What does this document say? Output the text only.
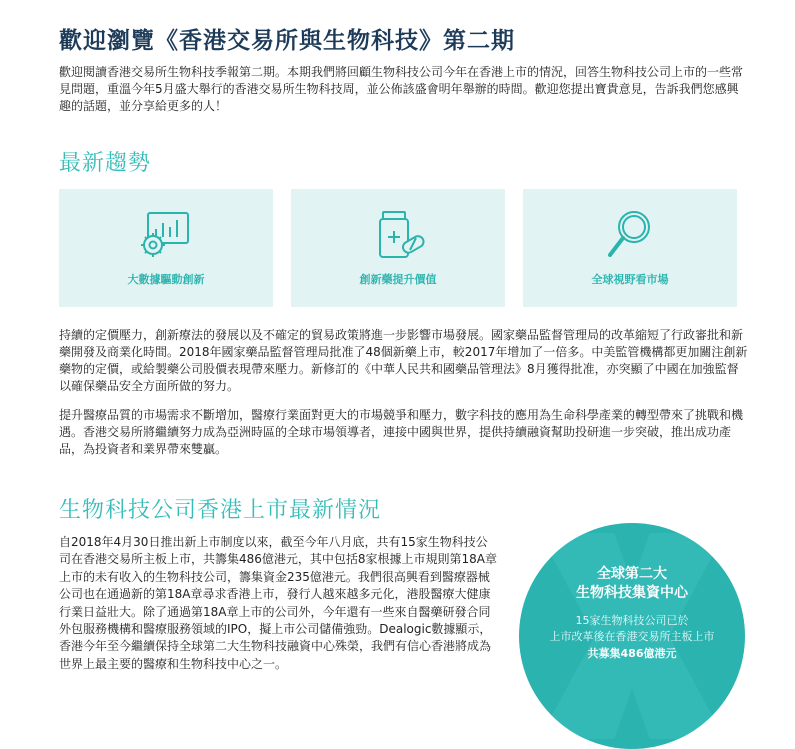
歡迎瀏覽《香港交易所與生物科技》第二期
歡迎閱讀香港交易所生物科技季報第二期。本期我們將回顧生物科技公司今年在香港上市的情況，回答生物科技公司上市的一些常見問題，重溫今年5月盛大舉行的香港交易所生物科技周，並公佈該盛會明年舉辦的時間。歡迎您提出寶貴意見，告訴我們您感興趣的話題，並分享給更多的人！
最新趨勢
大數據驅動創新	創新藥提升價值	全球視野看市場
持續的定價壓力，創新療法的發展以及不確定的貿易政策將進一步影響市場發展。國家藥品監督管理局的改革縮短了行政審批和新藥開發及商業化時間。2018年國家藥品監督管理局批准了48個新藥上市，較2017年增加了一倍多。中美監管機構都更加關注創新藥物的定價，或給製藥公司股價表現帶來壓力。新修訂的《中華人民共和國藥品管理法》8月獲得批准，亦突顯了中國在加強監督以確保藥品安全方面所做的努力。
提升醫療品質的市場需求不斷增加，醫療行業面對更大的市場競爭和壓力，數字科技的應用為生命科學產業的轉型帶來了挑戰和機遇。香港交易所將繼續努力成為亞洲時區的全球市場領導者，連接中國與世界，提供持續融資幫助投研進一步突破，推出成功產品，為投資者和業界帶來雙贏。
生物科技公司香港上市最新情況
自2018年4月30日推出新上市制度以來，截至今年八月底，共有15家生物科技公司在香港交易所主板上市，共籌集486億港元，其中包括8家根據上市規則第18A章上市的未有收入的生物科技公司，籌集資金235億港元。我們很高興看到醫療器械公司也在通過新的第18A章尋求香港上市，發行人越來越多元化，港股醫療大健康行業日益壯大。除了通過第18A章上市的公司外，今年還有一些來自醫藥研發合同外包服務機構和醫療服務領域的IPO，擬上市公司儲備強勁。Dealogic數據顯示，香港今年至今繼續保持全球第二大生物科技融資中心殊榮，我們有信心香港將成為世界上最主要的醫療和生物科技中心之一。
全球第二大
生物科技集資中心
15家生物科技公司已於
上市改革後在香港交易所主板上市
共募集486億港元
